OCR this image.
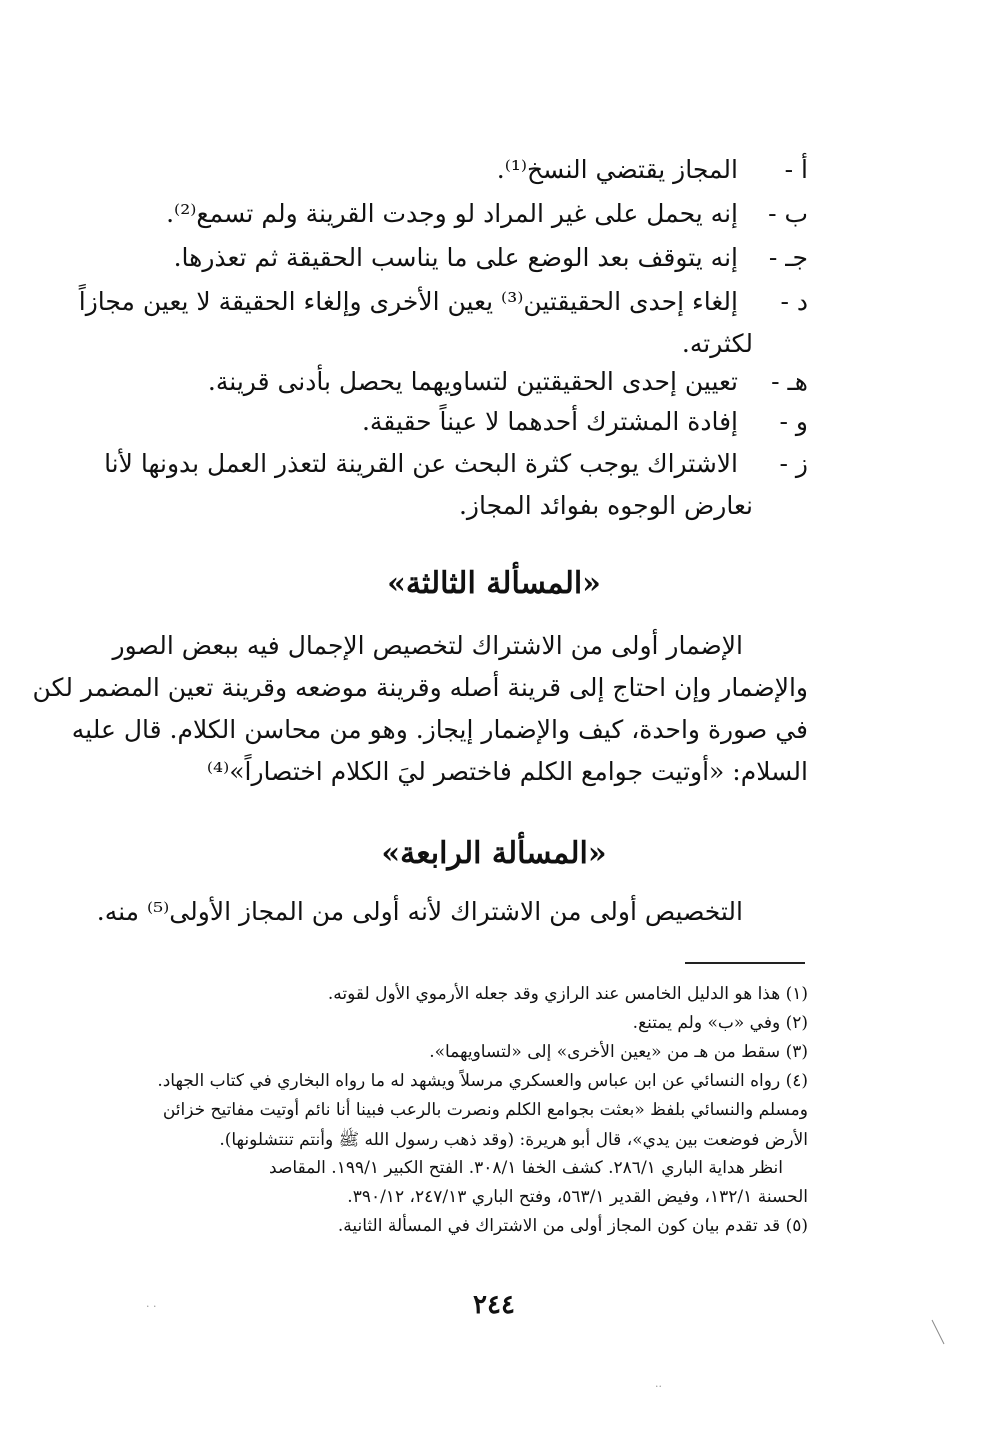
أ -المجاز يقتضي النسخ⁽¹⁾.
ب -إنه يحمل على غير المراد لو وجدت القرينة ولم تسمع⁽²⁾.
جـ -إنه يتوقف بعد الوضع على ما يناسب الحقيقة ثم تعذرها.
د -إلغاء إحدى الحقيقتين⁽³⁾ يعين الأخرى وإلغاء الحقيقة لا يعين مجازاً
لكثرته.
هـ -تعيين إحدى الحقيقتين لتساويهما يحصل بأدنى قرينة.
و -إفادة المشترك أحدهما لا عيناً حقيقة.
ز -الاشتراك يوجب كثرة البحث عن القرينة لتعذر العمل بدونها لأنا
نعارض الوجوه بفوائد المجاز.
«المسألة الثالثة»
الإضمار أولى من الاشتراك لتخصيص الإجمال فيه ببعض الصور
والإضمار وإن احتاج إلى قرينة أصله وقرينة موضعه وقرينة تعين المضمر لكن
في صورة واحدة، كيف والإضمار إيجاز. وهو من محاسن الكلام. قال عليه
السلام: «أوتيت جوامع الكلم فاختصر ليَ الكلام اختصاراً»⁽⁴⁾
«المسألة الرابعة»
التخصيص أولى من الاشتراك لأنه أولى من المجاز الأولى⁽⁵⁾ منه.
(١) هذا هو الدليل الخامس عند الرازي وقد جعله الأرموي الأول لقوته.
(٢) وفي «ب» ولم يمتنع.
(٣) سقط من هـ من «يعين الأخرى» إلى «لتساويهما».
(٤) رواه النسائي عن ابن عباس والعسكري مرسلاً ويشهد له ما رواه البخاري في كتاب الجهاد.
ومسلم والنسائي بلفظ «بعثت بجوامع الكلم ونصرت بالرعب فبينا أنا نائم أوتيت مفاتيح خزائن
الأرض فوضعت بين يدي»، قال أبو هريرة: (وقد ذهب رسول الله ﷺ وأنتم تنتشلونها).
انظر هداية الباري ٢٨٦/١. كشف الخفا ٣٠٨/١. الفتح الكبير ١٩٩/١. المقاصد
الحسنة ١٣٢/١، وفيض القدير ٥٦٣/١، وفتح الباري ٢٤٧/١٣، ٣٩٠/١٢.
(٥) قد تقدم بيان كون المجاز أولى من الاشتراك في المسألة الثانية.
٢٤٤
· ·
··
